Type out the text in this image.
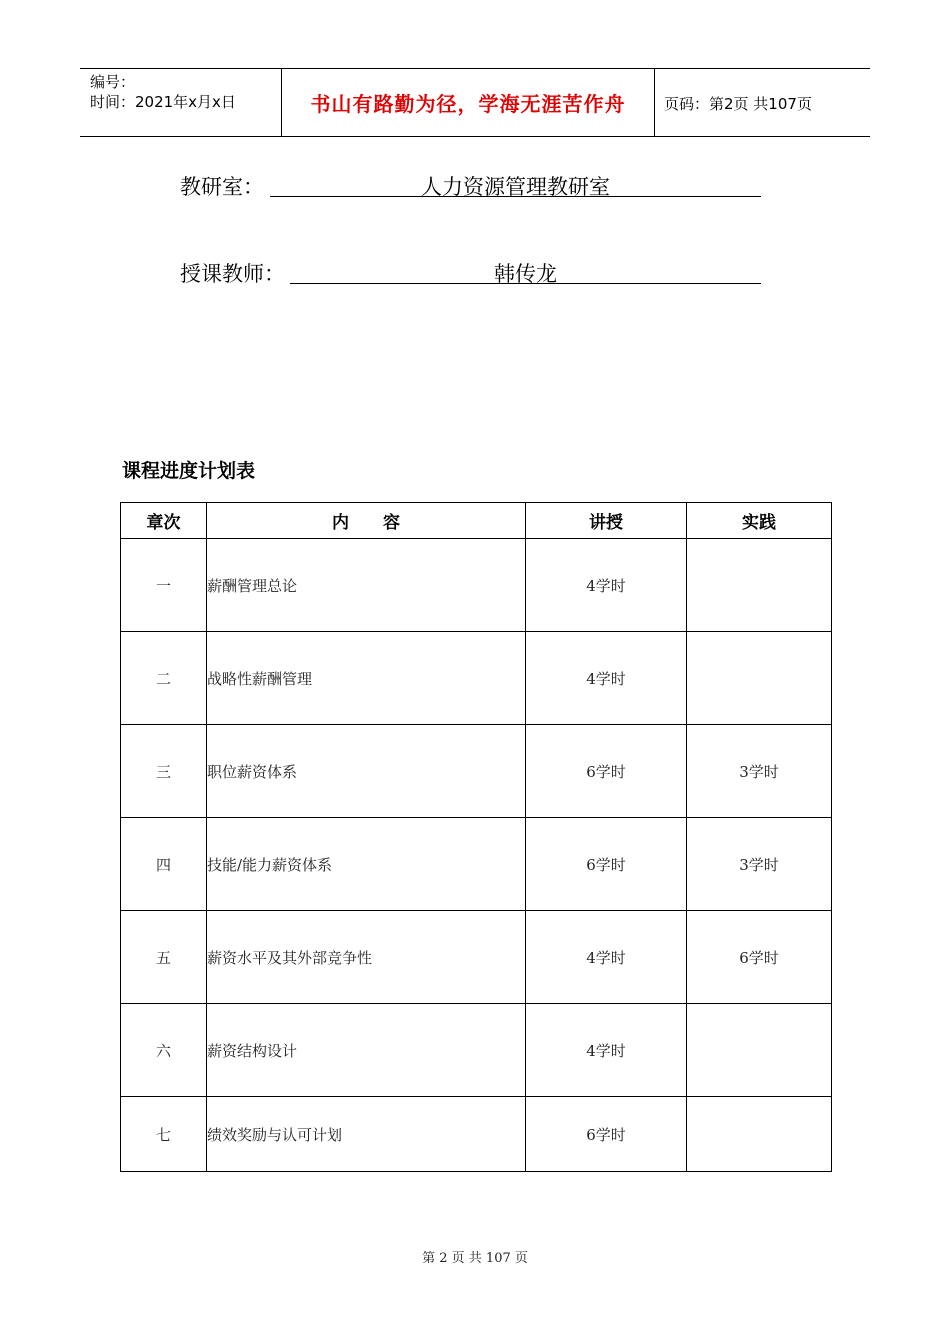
编号：
时间：2021年x月x日	书山有路勤为径，学海无涯苦作舟	页码：第2页 共107页
教研室：	人力资源管理教研室
授课教师：	韩传龙
课程进度计划表
章次	内　　容	讲授	实践
一	薪酬管理总论	4学时	
二	战略性薪酬管理	4学时	
三	职位薪资体系	6学时	3学时
四	技能/能力薪资体系	6学时	3学时
五	薪资水平及其外部竞争性	4学时	6学时
六	薪资结构设计	4学时	
七	绩效奖励与认可计划	6学时	
第 2 页 共 107 页
